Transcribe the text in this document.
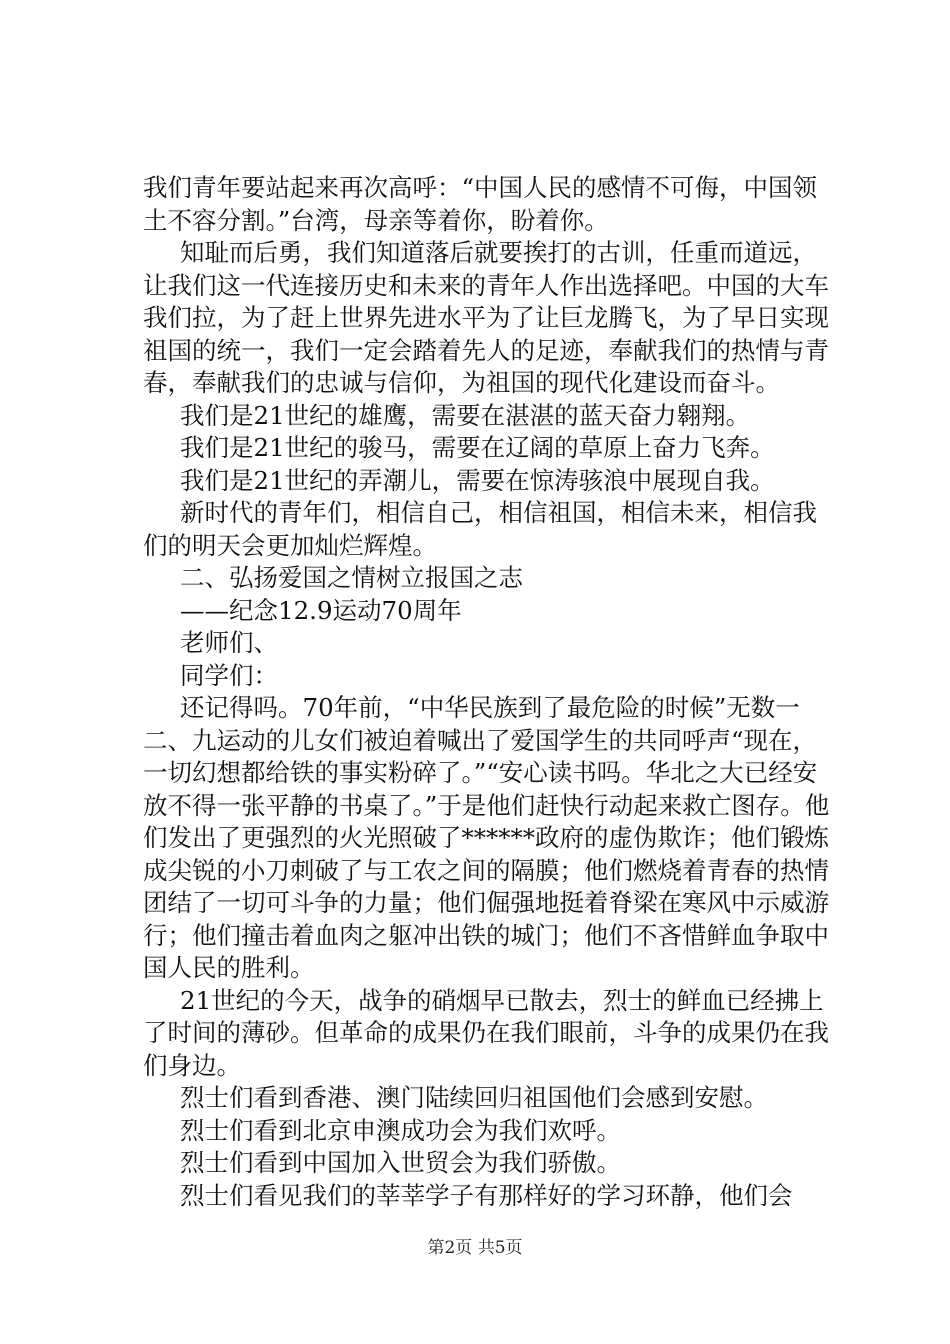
我们青年要站起来再次高呼：“中国人民的感情不可侮，中国领土不容分割。”台湾，母亲等着你，盼着你。

知耻而后勇，我们知道落后就要挨打的古训，任重而道远，让我们这一代连接历史和未来的青年人作出选择吧。中国的大车我们拉，为了赶上世界先进水平为了让巨龙腾飞，为了早日实现祖国的统一，我们一定会踏着先人的足迹，奉献我们的热情与青春，奉献我们的忠诚与信仰，为祖国的现代化建设而奋斗。

我们是21世纪的雄鹰，需要在湛湛的蓝天奋力翱翔。

我们是21世纪的骏马，需要在辽阔的草原上奋力飞奔。

我们是21世纪的弄潮儿，需要在惊涛骇浪中展现自我。

新时代的青年们，相信自己，相信祖国，相信未来，相信我们的明天会更加灿烂辉煌。

二、弘扬爱国之情树立报国之志

——纪念12.9运动70周年

老师们、

同学们：

还记得吗。70年前，“中华民族到了最危险的时候”无数一二、九运动的儿女们被迫着喊出了爱国学生的共同呼声“现在，一切幻想都给铁的事实粉碎了。”“安心读书吗。华北之大已经安放不得一张平静的书桌了。”于是他们赶快行动起来救亡图存。他们发出了更强烈的火光照破了******政府的虚伪欺诈；他们锻炼成尖锐的小刀刺破了与工农之间的隔膜；他们燃烧着青春的热情团结了一切可斗争的力量；他们倔强地挺着脊梁在寒风中示威游行；他们撞击着血肉之躯冲出铁的城门；他们不吝惜鲜血争取中国人民的胜利。

21世纪的今天，战争的硝烟早已散去，烈士的鲜血已经拂上了时间的薄砂。但革命的成果仍在我们眼前，斗争的成果仍在我们身边。

烈士们看到香港、澳门陆续回归祖国他们会感到安慰。

烈士们看到北京申澳成功会为我们欢呼。

烈士们看到中国加入世贸会为我们骄傲。

烈士们看见我们的莘莘学子有那样好的学习环静，他们会

第2页 共5页
